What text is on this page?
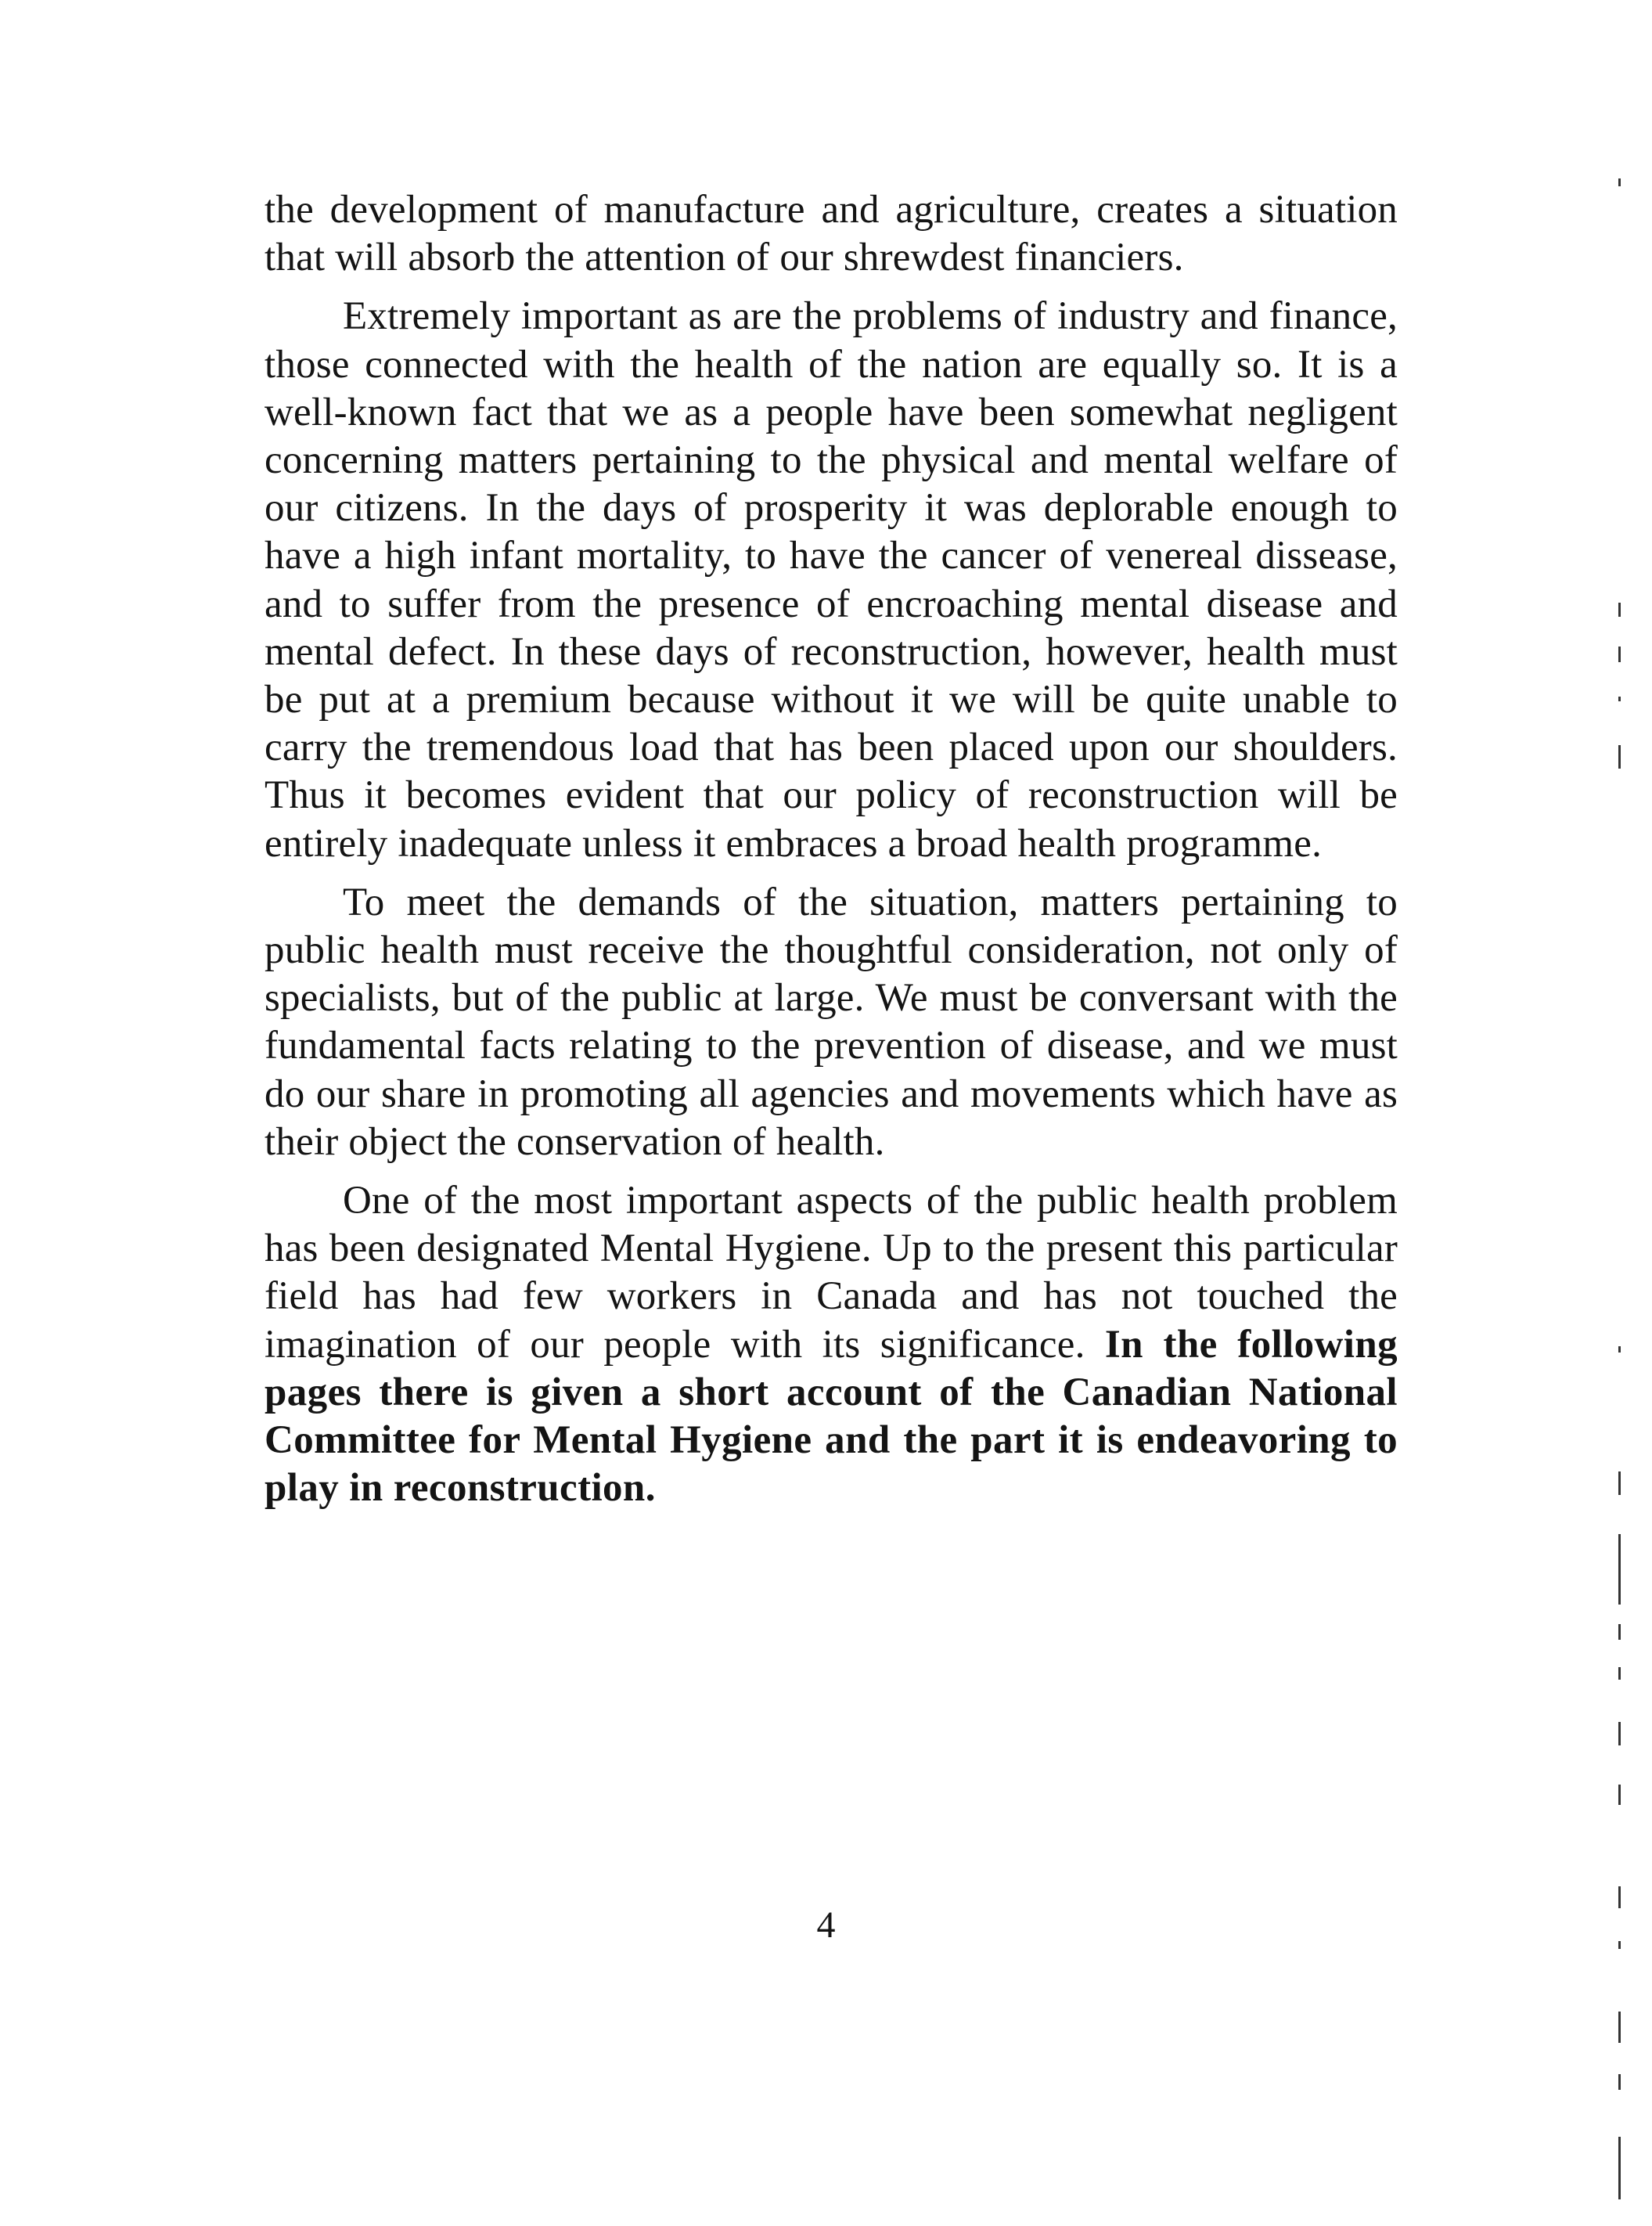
the development of manufacture and agriculture, creates a situation that will absorb the attention of our shrewdest financiers.

Extremely important as are the problems of industry and finance, those connected with the health of the nation are equally so. It is a well-known fact that we as a people have been somewhat negligent concerning matters pertaining to the physical and mental welfare of our citizens. In the days of prosperity it was deplorable enough to have a high infant mortality, to have the cancer of venereal dissease, and to suffer from the presence of encroaching mental disease and mental defect. In these days of reconstruction, however, health must be put at a premium because without it we will be quite unable to carry the tremendous load that has been placed upon our shoulders. Thus it becomes evident that our policy of reconstruction will be entirely inadequate unless it embraces a broad health programme.

To meet the demands of the situation, matters pertaining to public health must receive the thoughtful consideration, not only of specialists, but of the public at large. We must be conversant with the fundamental facts relating to the prevention of disease, and we must do our share in promoting all agencies and movements which have as their object the conservation of health.

One of the most important aspects of the public health problem has been designated Mental Hygiene. Up to the present this particular field has had few workers in Canada and has not touched the imagination of our people with its significance. In the following pages there is given a short account of the Canadian National Committee for Mental Hygiene and the part it is endeavoring to play in reconstruction.

4
